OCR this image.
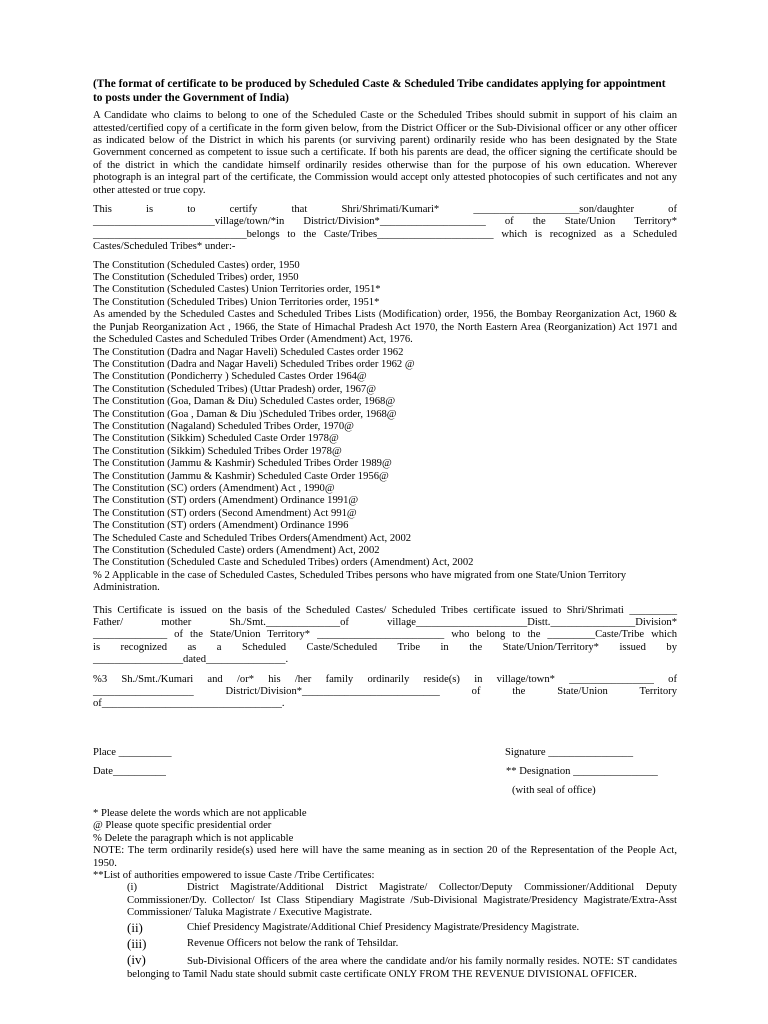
(The format of certificate to be produced by Scheduled Caste & Scheduled Tribe candidates applying for appointment to posts under the Government of India)

A Candidate who claims to belong to one of the Scheduled Caste or the Scheduled Tribes should submit in support of his claim an attested/certified copy of a certificate in the form given below, from the District Officer or the Sub-Divisional officer or any other officer as indicated below of the District in which his parents (or surviving parent) ordinarily reside who has been designated by the State Government concerned as competent to issue such a certificate. If both his parents are dead, the officer signing the certificate should be of the district in which the candidate himself ordinarily resides otherwise than for the purpose of his own education. Wherever photograph is an integral part of the certificate, the Commission would accept only attested photocopies of such certificates and not any other attested or true copy.

This is to certify that Shri/Shrimati/Kumari* ____________________son/daughter of
_______________________village/town/*in District/Division*____________________ of the State/Union Territory*
_____________________________belongs to the Caste/Tribes______________________ which is recognized as a Scheduled
Castes/Scheduled Tribes* under:-
The Constitution (Scheduled Castes) order, 1950
The Constitution (Scheduled Tribes) order, 1950
The Constitution (Scheduled Castes) Union Territories order, 1951*
The Constitution (Scheduled Tribes) Union Territories order, 1951*
As amended by the Scheduled Castes and Scheduled Tribes Lists (Modification) order, 1956, the Bombay Reorganization Act, 1960 & the Punjab Reorganization Act , 1966, the State of Himachal Pradesh Act 1970, the North Eastern Area (Reorganization) Act 1971 and the Scheduled Castes and Scheduled Tribes Order (Amendment) Act, 1976.
The Constitution (Dadra and Nagar Haveli) Scheduled Castes order 1962
The Constitution (Dadra and Nagar Haveli) Scheduled Tribes order 1962 @
The Constitution (Pondicherry ) Scheduled Castes Order 1964@
The Constitution (Scheduled Tribes) (Uttar Pradesh) order, 1967@
The Constitution (Goa, Daman & Diu) Scheduled Castes order, 1968@
The Constitution (Goa , Daman & Diu )Scheduled Tribes order, 1968@
The Constitution (Nagaland) Scheduled Tribes Order, 1970@
The Constitution (Sikkim) Scheduled Caste Order 1978@
The Constitution (Sikkim) Scheduled Tribes Order 1978@
The Constitution (Jammu & Kashmir) Scheduled Tribes Order 1989@
The Constitution (Jammu & Kashmir) Scheduled Caste Order 1956@
The Constitution (SC) orders (Amendment) Act , 1990@
The Constitution (ST) orders (Amendment) Ordinance 1991@
The Constitution (ST) orders (Second Amendment) Act 991@
The Constitution (ST) orders (Amendment) Ordinance 1996
The Scheduled Caste and Scheduled Tribes Orders(Amendment) Act, 2002
The Constitution (Scheduled Caste) orders (Amendment) Act, 2002
The Constitution (Scheduled Caste and Scheduled Tribes) orders (Amendment) Act, 2002
% 2 Applicable in the case of Scheduled Castes, Scheduled Tribes persons who have migrated from one State/Union Territory Administration.
This Certificate is issued on the basis of the Scheduled Castes/ Scheduled Tribes certificate issued to Shri/Shrimati _________
Father/ mother Sh./Smt.______________of village_____________________Distt.________________Division*
______________ of the State/Union Territory* ________________________ who belong to the _________Caste/Tribe which
is recognized as a Scheduled Caste/Scheduled Tribe in the State/Union/Territory* issued by
_________________dated_______________.
%3 Sh./Smt./Kumari and /or* his /her family ordinarily reside(s) in village/town* ________________ of
___________________ District/Division*__________________________ of the State/Union Territory
of__________________________________.
Place __________	Signature ________________
Date__________	** Designation ________________
(with seal of office)
* Please delete the words which are not applicable
@ Please quote specific presidential order
% Delete the paragraph which is not applicable
NOTE: The term ordinarily reside(s) used here will have the same meaning as in section 20 of the Representation of the People Act, 1950.
**List of authorities empowered to issue Caste /Tribe Certificates:

(i)	District Magistrate/Additional District Magistrate/ Collector/Deputy Commissioner/Additional Deputy Commissioner/Dy. Collector/ Ist Class Stipendiary Magistrate /Sub-Divisional Magistrate/Presidency Magistrate/Extra-Asst Commissioner/ Taluka Magistrate / Executive Magistrate.

(ii)	Chief Presidency Magistrate/Additional Chief Presidency Magistrate/Presidency Magistrate.

(iii)	Revenue Officers not below the rank of Tehsildar.

(iv)	Sub-Divisional Officers of the area where the candidate and/or his family normally resides. NOTE: ST candidates belonging to Tamil Nadu state should submit caste certificate ONLY FROM THE REVENUE DIVISIONAL OFFICER.
